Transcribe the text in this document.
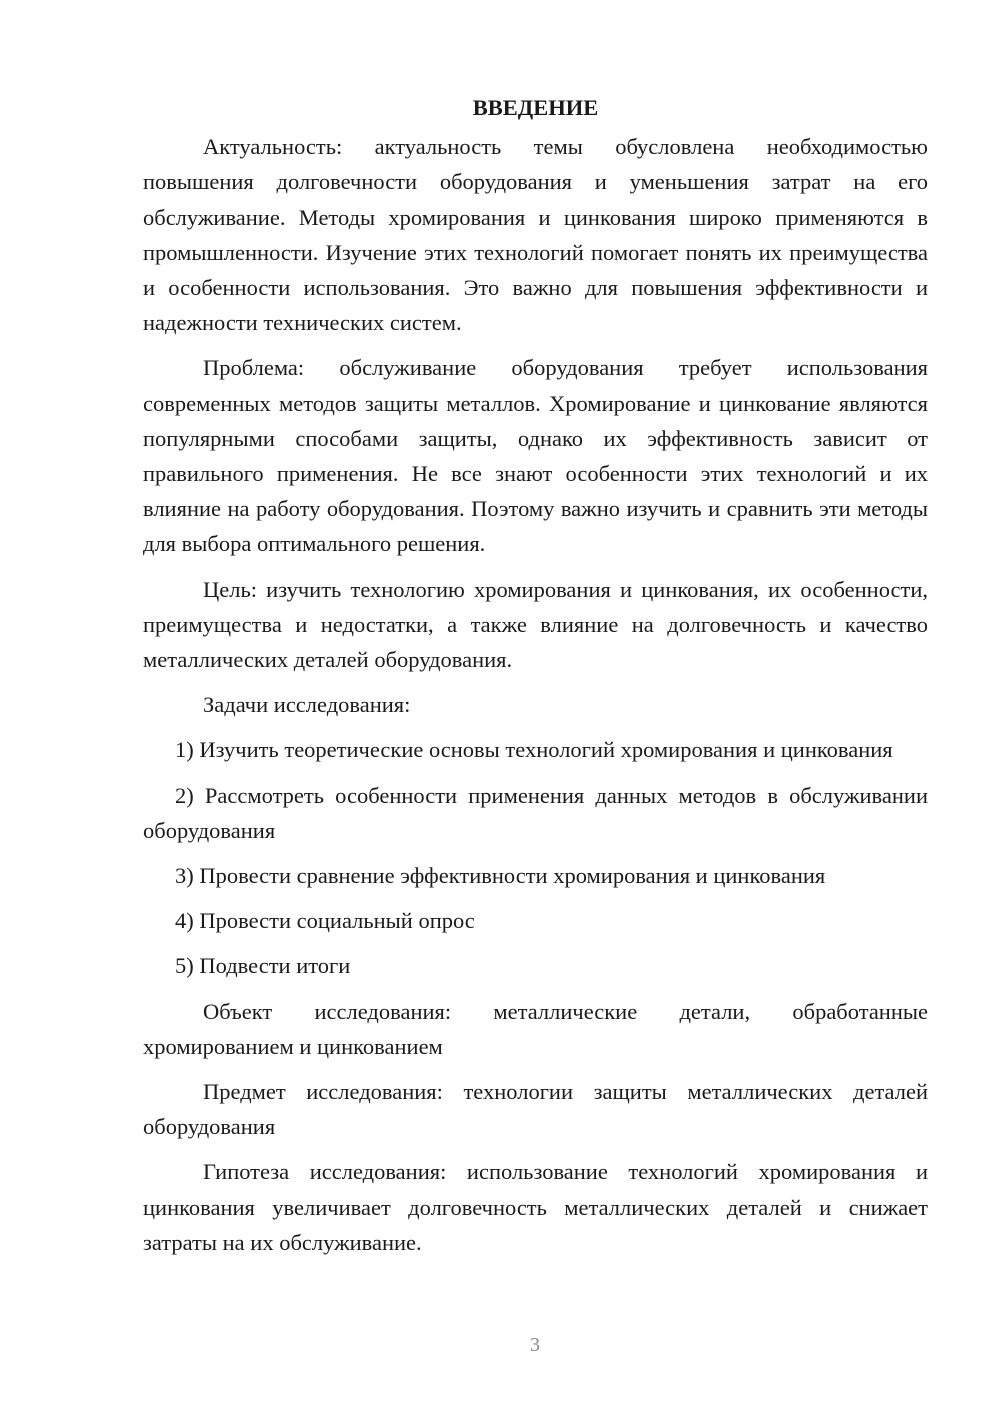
ВВЕДЕНИЕ

Актуальность: актуальность темы обусловлена необходимостью повышения долговечности оборудования и уменьшения затрат на его обслуживание. Методы хромирования и цинкования широко применяются в промышленности. Изучение этих технологий помогает понять их преимущества и особенности использования. Это важно для повышения эффективности и надежности технических систем.

Проблема: обслуживание оборудования требует использования современных методов защиты металлов. Хромирование и цинкование являются популярными способами защиты, однако их эффективность зависит от правильного применения. Не все знают особенности этих технологий и их влияние на работу оборудования. Поэтому важно изучить и сравнить эти методы для выбора оптимального решения.

Цель: изучить технологию хромирования и цинкования, их особенности, преимущества и недостатки, а также влияние на долговечность и качество металлических деталей оборудования.

Задачи исследования:

1) Изучить теоретические основы технологий хромирования и цинкования

2) Рассмотреть особенности применения данных методов в обслуживании оборудования

3) Провести сравнение эффективности хромирования и цинкования

4) Провести социальный опрос

5) Подвести итоги

Объект исследования: металлические детали, обработанные хромированием и цинкованием

Предмет исследования: технологии защиты металлических деталей оборудования

Гипотеза исследования: использование технологий хромирования и цинкования увеличивает долговечность металлических деталей и снижает затраты на их обслуживание.

3
